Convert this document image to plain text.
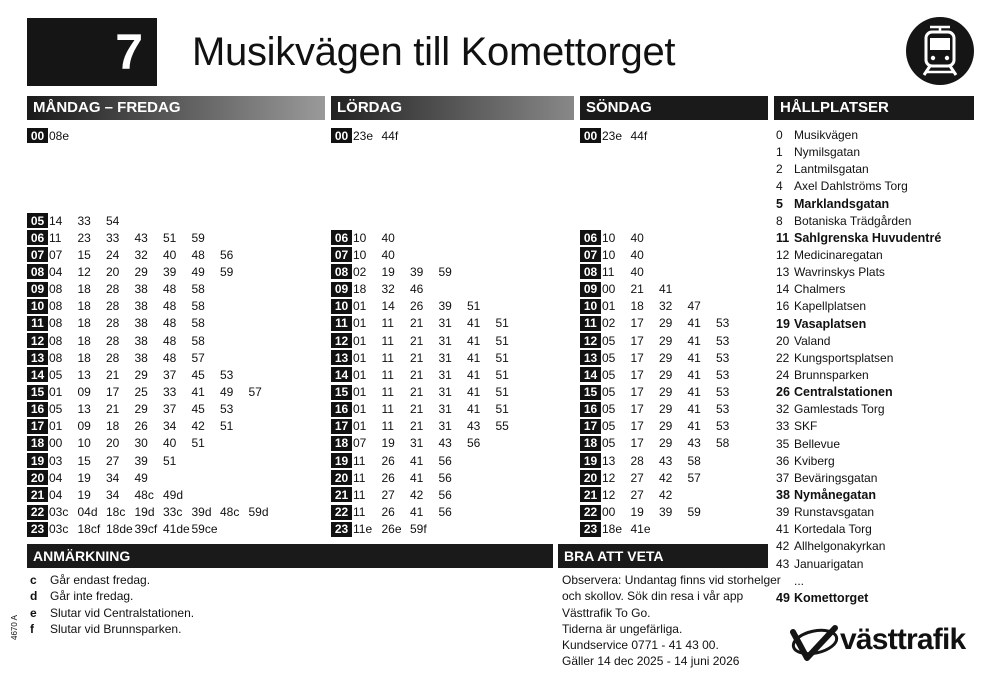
7 Musikvägen till Komettorget
MÅNDAG – FREDAG	LÖRDAG	SÖNDAG	HÅLLPLATSER
00 08e
05 14	33	54
06 11	23	33	43	51	59
07 07	15	24	32	40	48	56
08 04	12	20	29	39	49	59
09 08	18	28	38	48	58
10 08	18	28	38	48	58
11 08	18	28	38	48	58
12 08	18	28	38	48	58
13 08	18	28	38	48	57
14 05	13	21	29	37	45	53
15 01	09	17	25	33	41	49	57
16 05	13	21	29	37	45	53
17 01	09	18	26	34	42	51
18 00	10	20	30	40	51
19 03	15	27	39	51
20 04	19	34	49
21 04	19	34	48c 49d
22 03c 04d 18c 19d 33c 39d 48c 59d
23 03c 18cf 18de 39cf 41de 59ce
00 23e 44f
06 10	40
07 10	40
08 02	19	39	59
09 18	32	46
10 01	14	26	39	51
11 01	11	21	31	41	51
12 01	11	21	31	41	51
13 01	11	21	31	41	51
14 01	11	21	31	41	51
15 01	11	21	31	41	51
16 01	11	21	31	41	51
17 01	11	21	31	43	55
18 07	19	31	43	56
19 11	26	41	56
20 11	26	41	56
21 11	27	42	56
22 11	26	41	56
23 11e 26e 59f
00 23e 44f
06 10	40
07 10	40
08 11	40
09 00	21	41
10 01	18	32	47
11 02	17	29	41	53
12 05	17	29	41	53
13 05	17	29	41	53
14 05	17	29	41	53
15 05	17	29	41	53
16 05	17	29	41	53
17 05	17	29	41	53
18 05	17	29	43	58
19 13	28	43	58
20 12	27	42	57
21 12	27	42
22 00	19	39	59
23 18e 41e
0 Musikvägen
1 Nymilsgatan
2 Lantmilsgatan
4 Axel Dahlströms Torg
5 Marklandsgatan
8 Botaniska Trädgården
11 Sahlgrenska Huvudentré
12 Medicinaregatan
13 Wavrinskys Plats
14 Chalmers
16 Kapellplatsen
19 Vasaplatsen
20 Valand
22 Kungsportsplatsen
24 Brunnsparken
26 Centralstationen
32 Gamlestads Torg
33 SKF
35 Bellevue
36 Kviberg
37 Beväringsgatan
38 Nymånegatan
39 Runstavsgatan
41 Kortedala Torg
42 Allhelgonakyrkan
43 Januarigatan
...
49 Komettorget
ANMÄRKNING	BRA ATT VETA
c	Går endast fredag.
d	Går inte fredag.
e	Slutar vid Centralstationen.
f	Slutar vid Brunnsparken.
Observera: Undantag finns vid storhelger
och skollov. Sök din resa i vår app
Västtrafik To Go.
Tiderna är ungefärliga.
Kundservice 0771 - 41 43 00.
Gäller 14 dec 2025 - 14 juni 2026
4670 A	västtrafik
